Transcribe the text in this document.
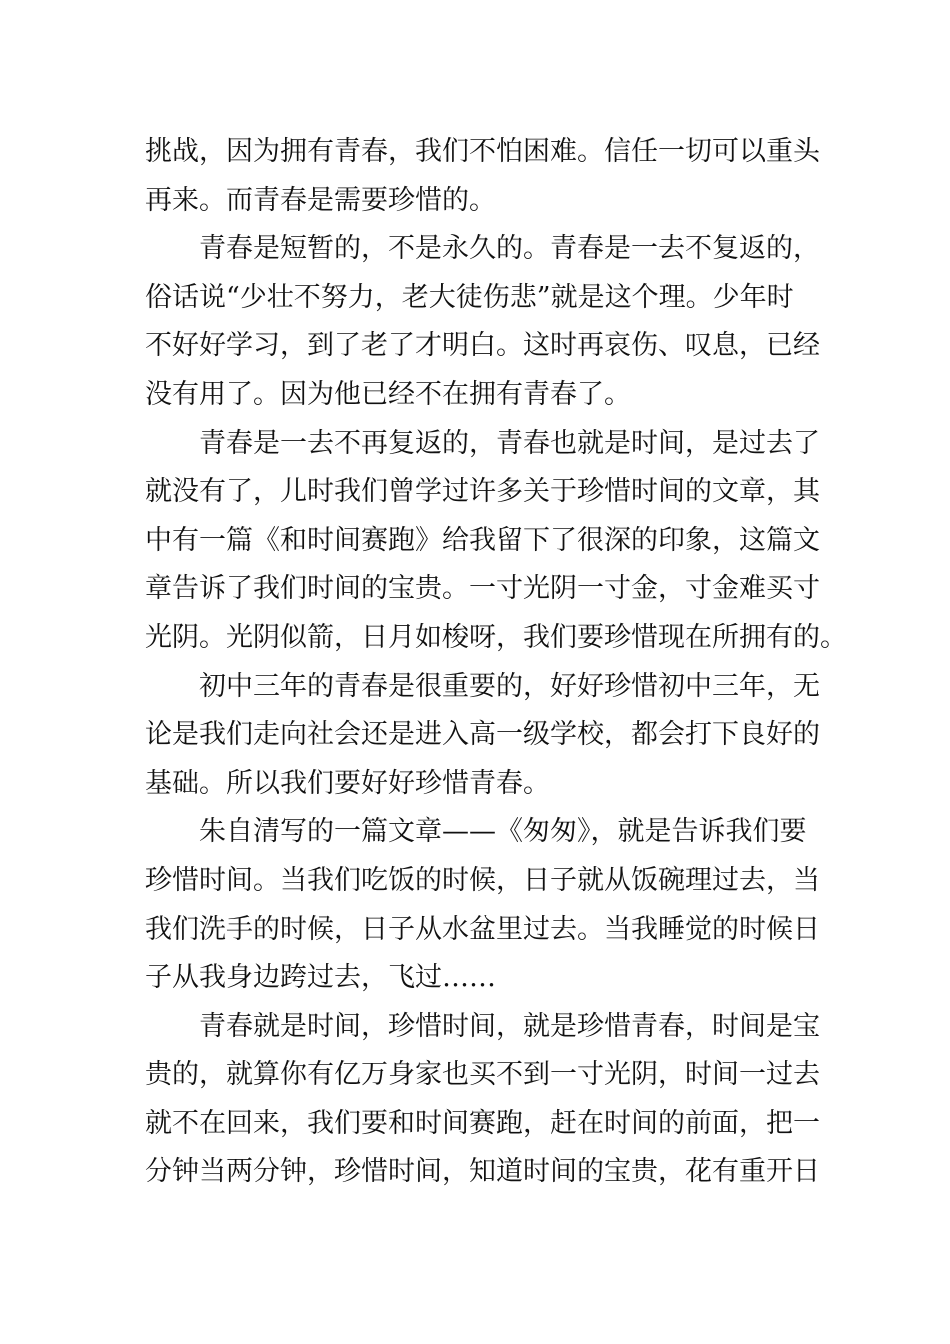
挑战，因为拥有青春，我们不怕困难。信任一切可以重头
再来。而青春是需要珍惜的。
青春是短暂的，不是永久的。青春是一去不复返的，
俗话说“少壮不努力，老大徒伤悲”就是这个理。少年时
不好好学习，到了老了才明白。这时再哀伤、叹息，已经
没有用了。因为他已经不在拥有青春了。
青春是一去不再复返的，青春也就是时间，是过去了
就没有了，儿时我们曾学过许多关于珍惜时间的文章，其
中有一篇《和时间赛跑》给我留下了很深的印象，这篇文
章告诉了我们时间的宝贵。一寸光阴一寸金，寸金难买寸
光阴。光阴似箭，日月如梭呀，我们要珍惜现在所拥有的。
初中三年的青春是很重要的，好好珍惜初中三年，无
论是我们走向社会还是进入高一级学校，都会打下良好的
基础。所以我们要好好珍惜青春。
朱自清写的一篇文章——《匆匆》，就是告诉我们要
珍惜时间。当我们吃饭的时候，日子就从饭碗理过去，当
我们洗手的时候，日子从水盆里过去。当我睡觉的时候日
子从我身边跨过去，飞过……
青春就是时间，珍惜时间，就是珍惜青春，时间是宝
贵的，就算你有亿万身家也买不到一寸光阴，时间一过去
就不在回来，我们要和时间赛跑，赶在时间的前面，把一
分钟当两分钟，珍惜时间，知道时间的宝贵，花有重开日
